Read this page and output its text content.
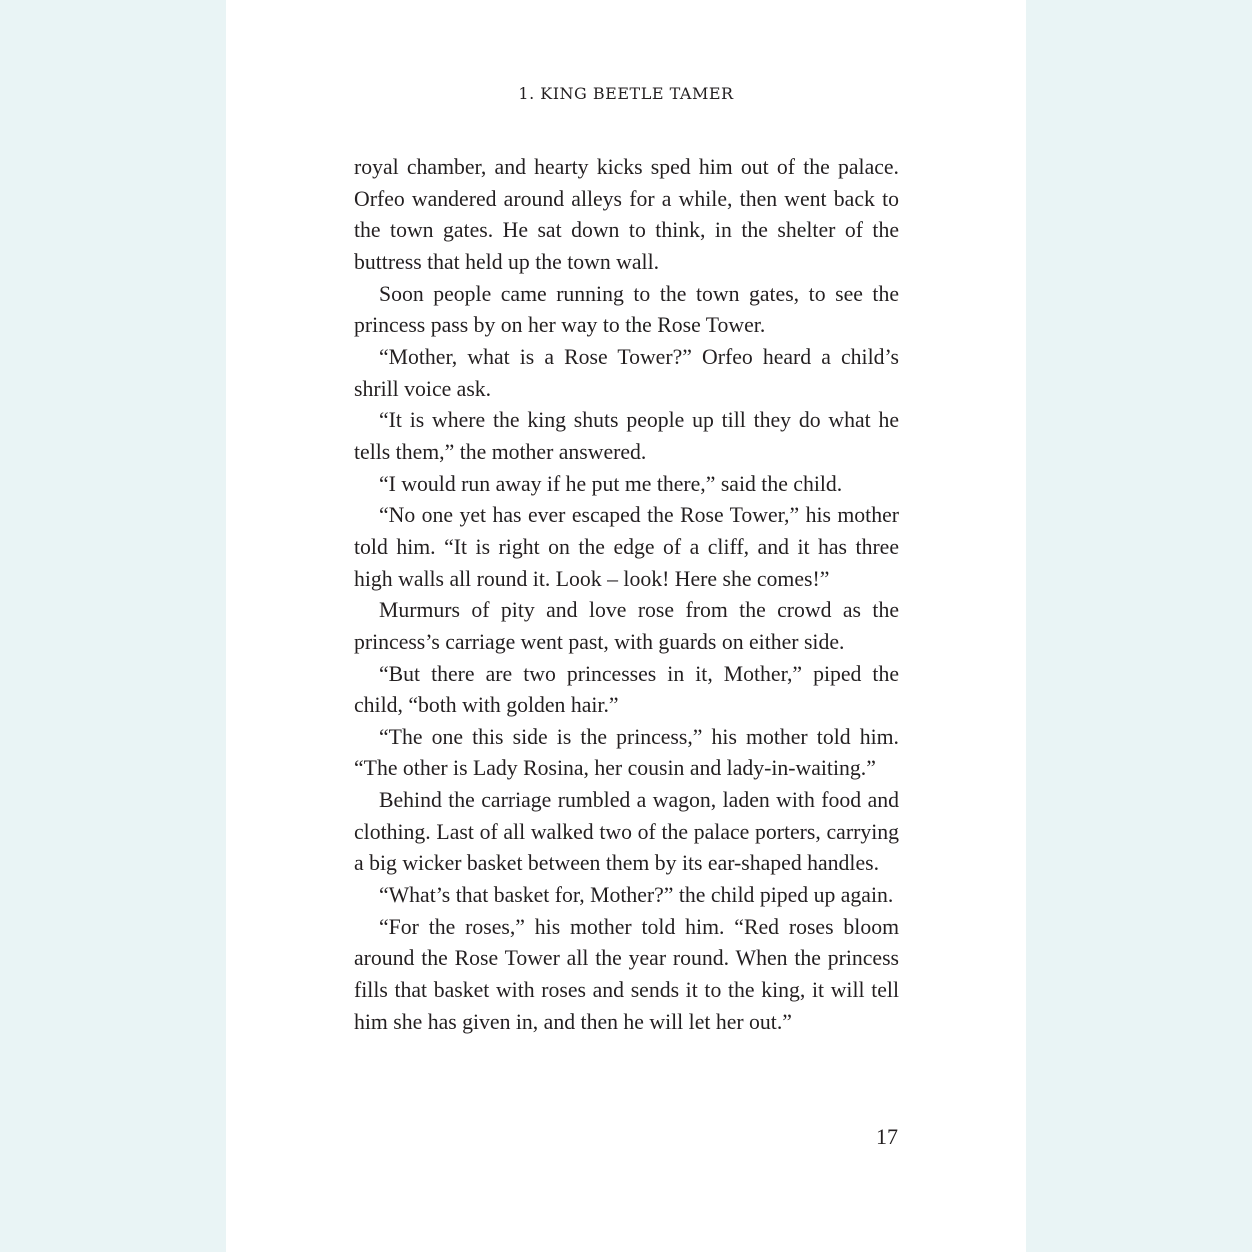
1. KING BEETLE TAMER

royal chamber, and hearty kicks sped him out of the palace. Orfeo wandered around alleys for a while, then went back to the town gates. He sat down to think, in the shelter of the buttress that held up the town wall.

Soon people came running to the town gates, to see the princess pass by on her way to the Rose Tower.

“Mother, what is a Rose Tower?” Orfeo heard a child’s shrill voice ask.

“It is where the king shuts people up till they do what he tells them,” the mother answered.

“I would run away if he put me there,” said the child.

“No one yet has ever escaped the Rose Tower,” his mother told him. “It is right on the edge of a cliff, and it has three high walls all round it. Look – look! Here she comes!”

Murmurs of pity and love rose from the crowd as the princess’s carriage went past, with guards on either side.

“But there are two princesses in it, Mother,” piped the child, “both with golden hair.”

“The one this side is the princess,” his mother told him. “The other is Lady Rosina, her cousin and lady-in-waiting.”

Behind the carriage rumbled a wagon, laden with food and clothing. Last of all walked two of the palace porters, carrying a big wicker basket between them by its ear-shaped handles.

“What’s that basket for, Mother?” the child piped up again.

“For the roses,” his mother told him. “Red roses bloom around the Rose Tower all the year round. When the princess fills that basket with roses and sends it to the king, it will tell him she has given in, and then he will let her out.”

17
